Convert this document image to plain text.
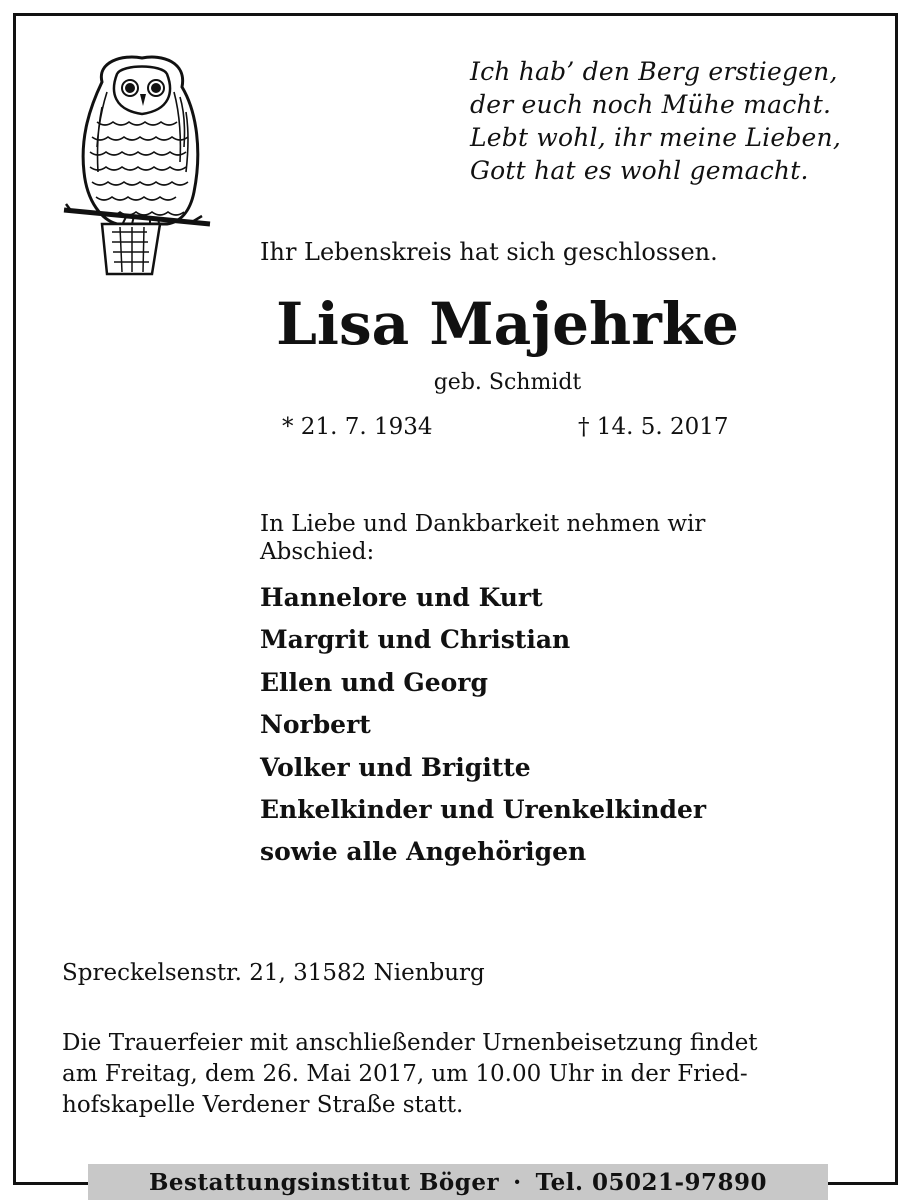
Ich hab’ den Berg erstiegen,
der euch noch Mühe macht.
Lebt wohl, ihr meine Lieben,
Gott hat es wohl gemacht.
Ihr Lebenskreis hat sich geschlossen.
Lisa Majehrke
geb. Schmidt
* 21. 7. 1934	† 14. 5. 2017
In Liebe und Dankbarkeit nehmen wir Abschied:
Hannelore und Kurt
Margrit und Christian
Ellen und Georg
Norbert
Volker und Brigitte
Enkelkinder und Urenkelkinder
sowie alle Angehörigen
Spreckelsenstr. 21, 31582 Nienburg
Die Trauerfeier mit anschließender Urnenbeisetzung findet
am Freitag, dem 26. Mai 2017, um 10.00 Uhr in der Fried-
hofskapelle Verdener Straße statt.
Bestattungsinstitut Böger · Tel. 05021-97890
